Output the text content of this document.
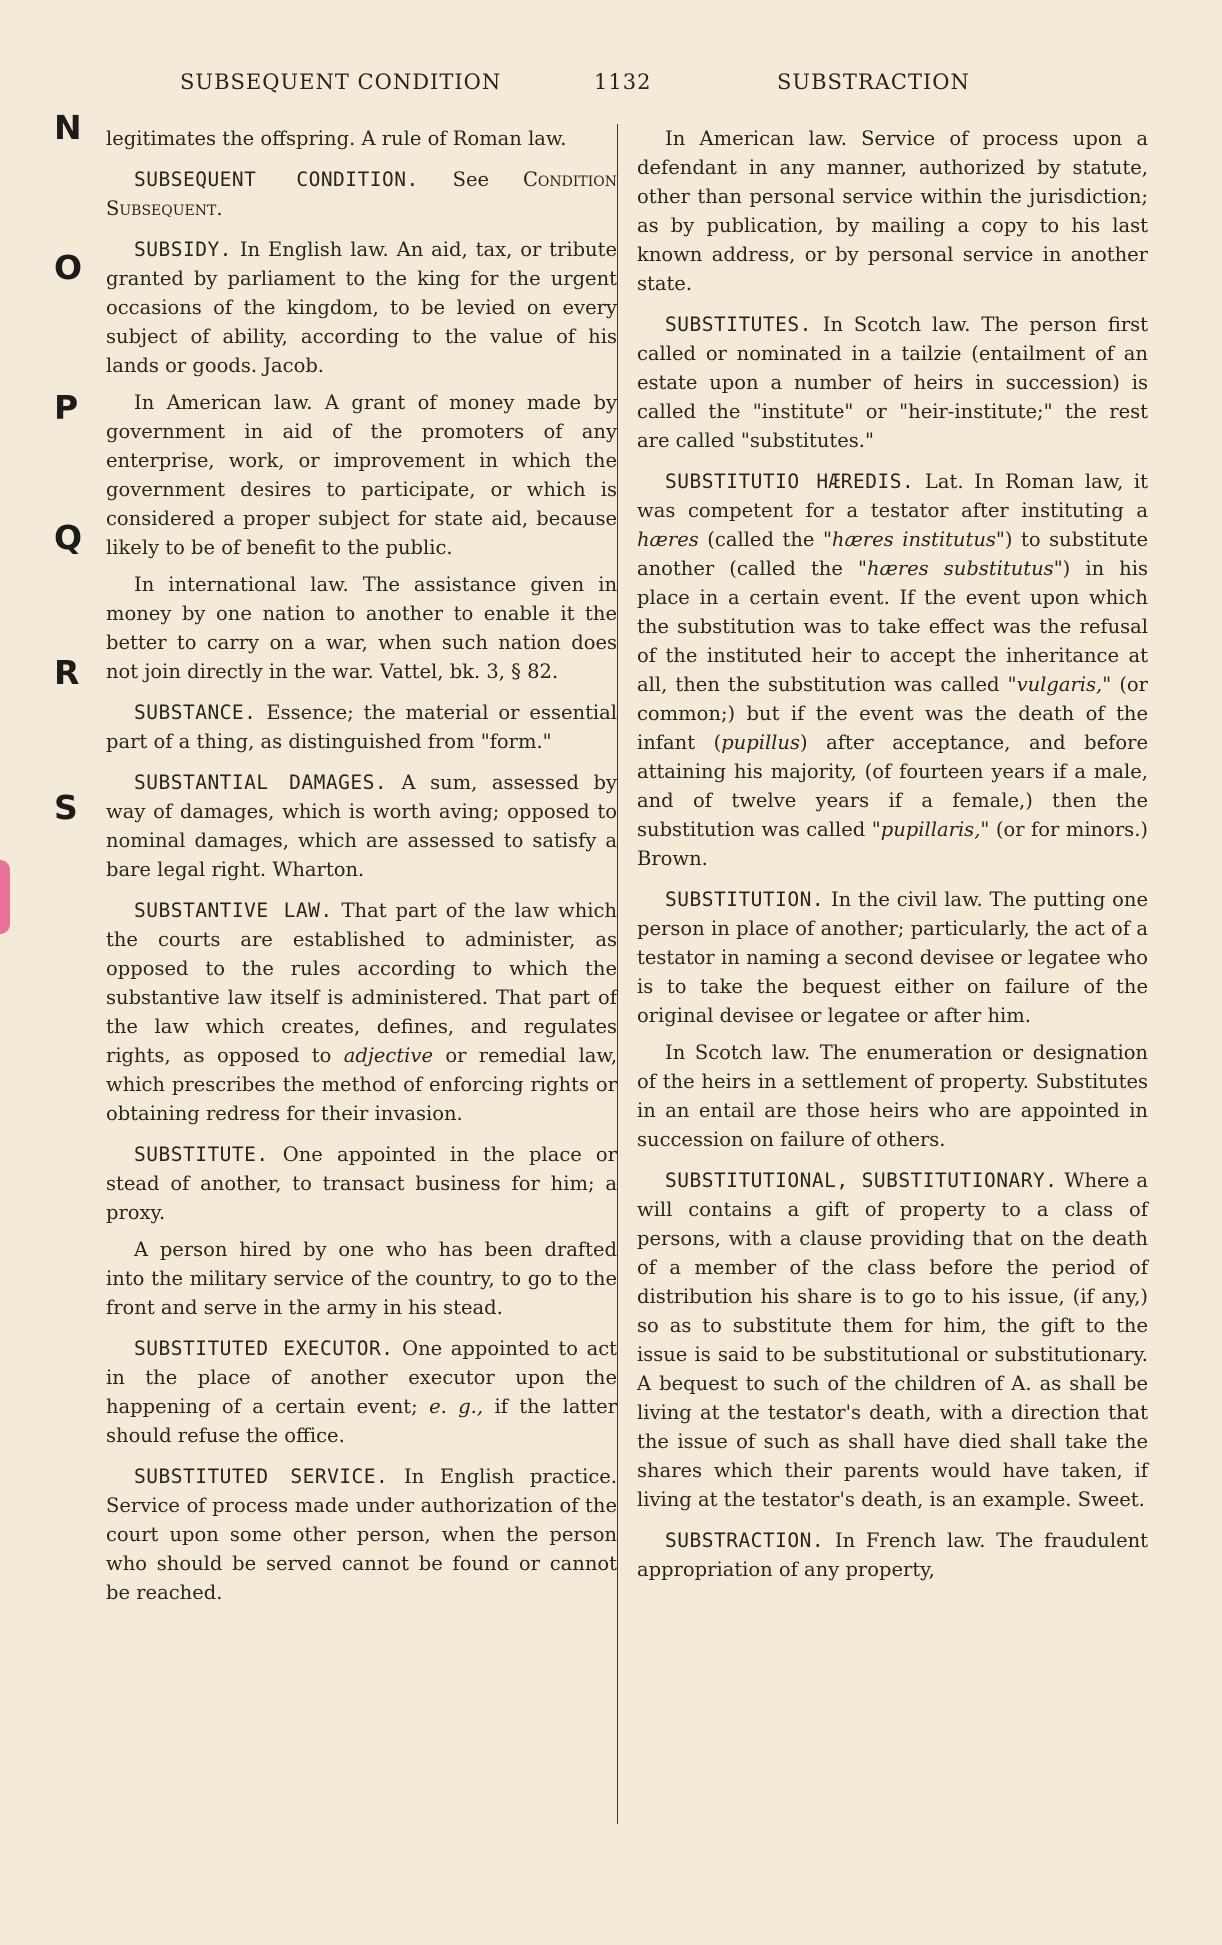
SUBSEQUENT CONDITION	1132	SUBSTRACTION
N
O
P
Q
R
S

legitimates the offspring. A rule of Roman law.

SUBSEQUENT CONDITION. See Condition Subsequent.

SUBSIDY. In English law. An aid, tax, or tribute granted by parliament to the king for the urgent occasions of the kingdom, to be levied on every subject of ability, according to the value of his lands or goods. Jacob.

In American law. A grant of money made by government in aid of the promoters of any enterprise, work, or improvement in which the government desires to participate, or which is considered a proper subject for state aid, because likely to be of benefit to the public.

In international law. The assistance given in money by one nation to another to enable it the better to carry on a war, when such nation does not join directly in the war. Vattel, bk. 3, § 82.

SUBSTANCE. Essence; the material or essential part of a thing, as distinguished from "form."
SUBSTANTIAL DAMAGES. A sum, assessed by way of damages, which is worth aving; opposed to nominal damages, which are assessed to satisfy a bare legal right. Wharton.
SUBSTANTIVE LAW. That part of the law which the courts are established to administer, as opposed to the rules according to which the substantive law itself is administered. That part of the law which creates, defines, and regulates rights, as opposed to adjective or remedial law, which prescribes the method of enforcing rights or obtaining redress for their invasion.

SUBSTITUTE. One appointed in the place or stead of another, to transact business for him; a proxy.

A person hired by one who has been drafted into the military service of the country, to go to the front and serve in the army in his stead.

SUBSTITUTED EXECUTOR. One appointed to act in the place of another executor upon the happening of a certain event; e. g., if the latter should refuse the office.
SUBSTITUTED SERVICE. In English practice. Service of process made under authorization of the court upon some other person, when the person who should be served cannot be found or cannot be reached.

In American law. Service of process upon a defendant in any manner, authorized by statute, other than personal service within the jurisdiction; as by publication, by mailing a copy to his last known address, or by personal service in another state.

SUBSTITUTES. In Scotch law. The person first called or nominated in a tailzie (entailment of an estate upon a number of heirs in succession) is called the "institute" or "heir-institute;" the rest are called "substitutes."
SUBSTITUTIO HÆREDIS. Lat. In Roman law, it was competent for a testator after instituting a hæres (called the "hæres institutus") to substitute another (called the "hæres substitutus") in his place in a certain event. If the event upon which the substitution was to take effect was the refusal of the instituted heir to accept the inheritance at all, then the substitution was called "vulgaris," (or common;) but if the event was the death of the infant (pupillus) after acceptance, and before attaining his majority, (of fourteen years if a male, and of twelve years if a female,) then the substitution was called "pupillaris," (or for minors.) Brown.

SUBSTITUTION. In the civil law. The putting one person in place of another; particularly, the act of a testator in naming a second devisee or legatee who is to take the bequest either on failure of the original devisee or legatee or after him.

In Scotch law. The enumeration or designation of the heirs in a settlement of property. Substitutes in an entail are those heirs who are appointed in succession on failure of others.

SUBSTITUTIONAL, SUBSTITUTIONARY. Where a will contains a gift of property to a class of persons, with a clause providing that on the death of a member of the class before the period of distribution his share is to go to his issue, (if any,) so as to substitute them for him, the gift to the issue is said to be substitutional or substitutionary. A bequest to such of the children of A. as shall be living at the testator's death, with a direction that the issue of such as shall have died shall take the shares which their parents would have taken, if living at the testator's death, is an example. Sweet.
SUBSTRACTION. In French law. The fraudulent appropriation of any property,
